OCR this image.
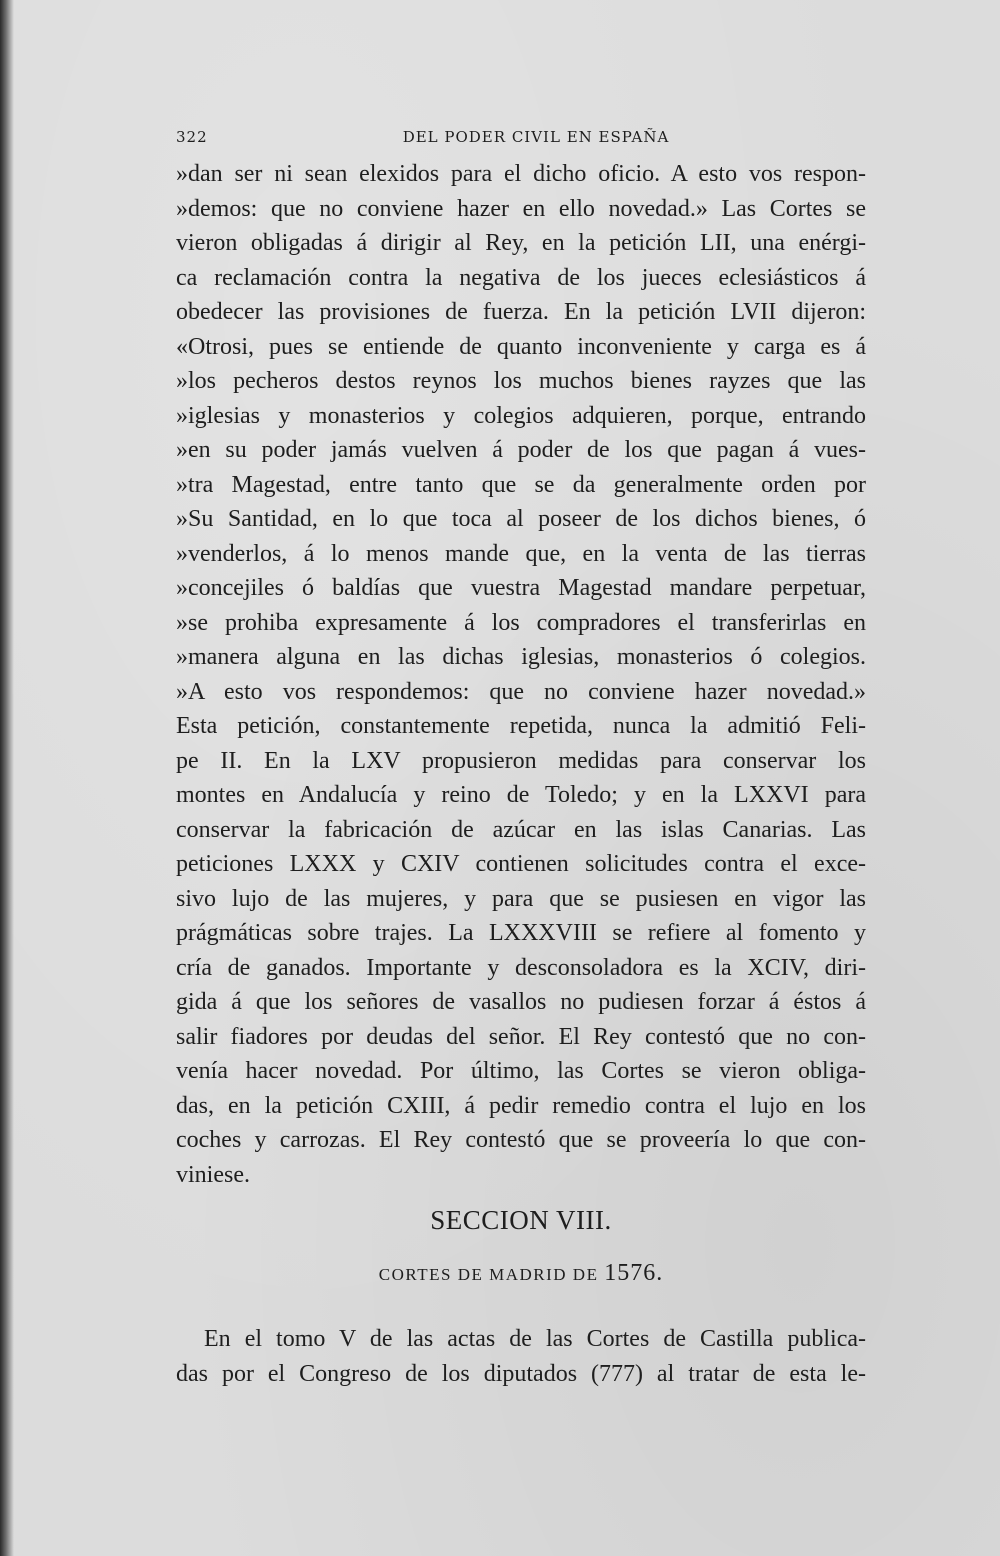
322	DEL PODER CIVIL EN ESPAÑA
»dan ser ni sean elexidos para el dicho oficio. A esto vos respon-
»demos: que no conviene hazer en ello novedad.» Las Cortes se
vieron obligadas á dirigir al Rey, en la petición LII, una enérgi-
ca reclamación contra la negativa de los jueces eclesiásticos á
obedecer las provisiones de fuerza. En la petición LVII dijeron:
«Otrosi, pues se entiende de quanto inconveniente y carga es á
»los pecheros destos reynos los muchos bienes rayzes que las
»iglesias y monasterios y colegios adquieren, porque, entrando
»en su poder jamás vuelven á poder de los que pagan á vues-
»tra Magestad, entre tanto que se da generalmente orden por
»Su Santidad, en lo que toca al poseer de los dichos bienes, ó
»venderlos, á lo menos mande que, en la venta de las tierras
»concejiles ó baldías que vuestra Magestad mandare perpetuar,
»se prohiba expresamente á los compradores el transferirlas en
»manera alguna en las dichas iglesias, monasterios ó colegios.
»A esto vos respondemos: que no conviene hazer novedad.»
Esta petición, constantemente repetida, nunca la admitió Feli-
pe II. En la LXV propusieron medidas para conservar los
montes en Andalucía y reino de Toledo; y en la LXXVI para
conservar la fabricación de azúcar en las islas Canarias. Las
peticiones LXXX y CXIV contienen solicitudes contra el exce-
sivo lujo de las mujeres, y para que se pusiesen en vigor las
prágmáticas sobre trajes. La LXXXVIII se refiere al fomento y
cría de ganados. Importante y desconsoladora es la XCIV, diri-
gida á que los señores de vasallos no pudiesen forzar á éstos á
salir fiadores por deudas del señor. El Rey contestó que no con-
venía hacer novedad. Por último, las Cortes se vieron obliga-
das, en la petición CXIII, á pedir remedio contra el lujo en los
coches y carrozas. El Rey contestó que se proveería lo que con-
viniese.
SECCION VIII.
CORTES DE MADRID DE 1576.
En el tomo V de las actas de las Cortes de Castilla publica-
das por el Congreso de los diputados (777) al tratar de esta le-
